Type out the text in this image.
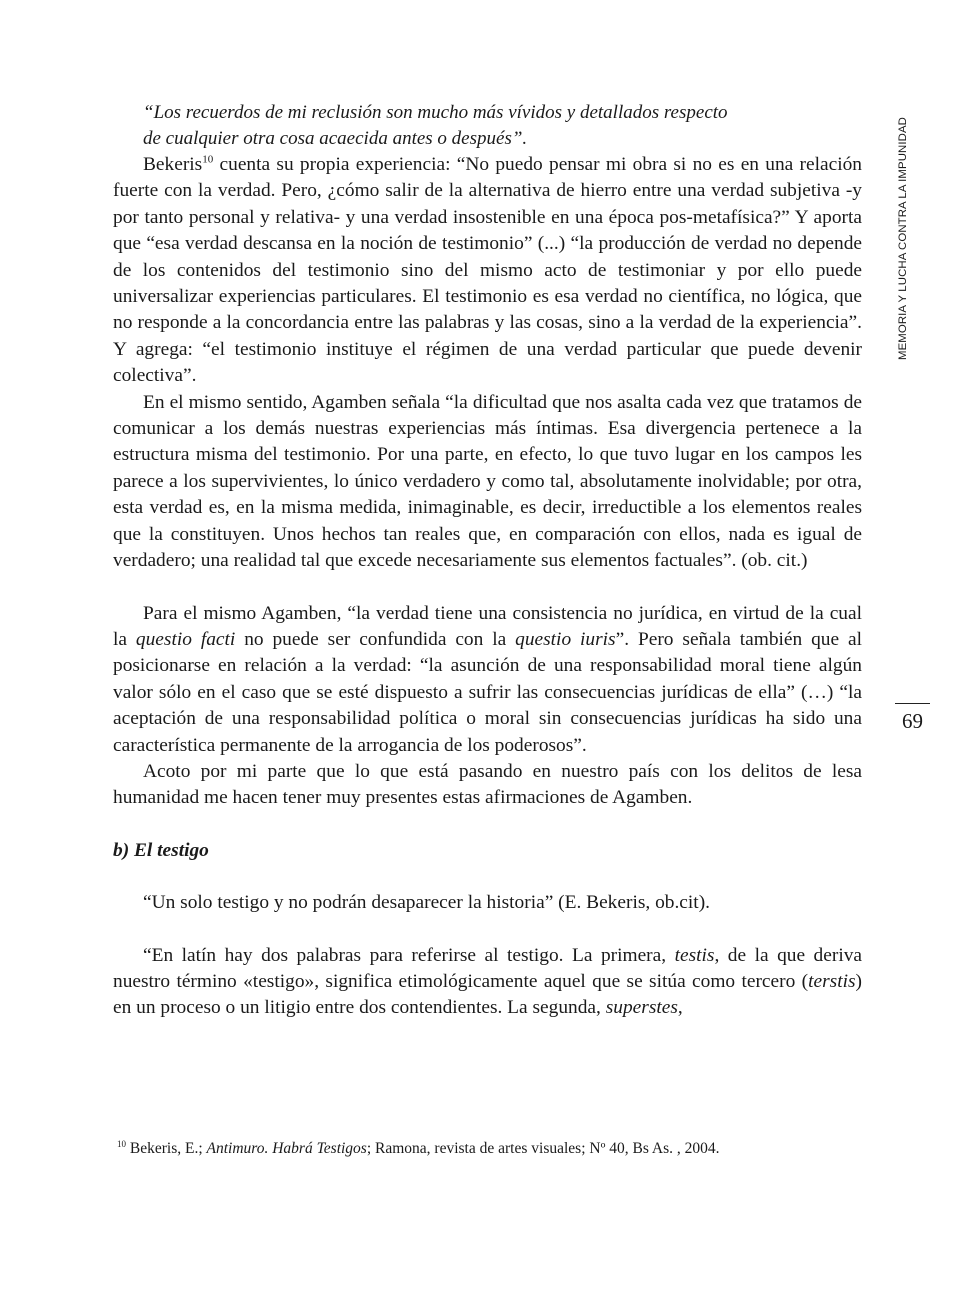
MEMORIA Y LUCHA CONTRA LA IMPUNIDAD
69
“Los recuerdos de mi reclusión son mucho más vívidos y detallados respecto
de cualquier otra cosa acaecida antes o después”.

Bekeris$^{10}$ cuenta su propia experiencia: “No puedo pensar mi obra si no es en una relación fuerte con la verdad. Pero, ¿cómo salir de la alternativa de hierro entre una verdad subjetiva -y por tanto personal y relativa- y una verdad insostenible en una época pos-metafísica?” Y aporta que “esa verdad descansa en la noción de testimonio” (...) “la producción de verdad no depende de los contenidos del testimonio sino del mismo acto de testimoniar y por ello puede universalizar experiencias particulares. El testimonio es esa verdad no científica, no lógica, que no responde a la concordancia entre las palabras y las cosas, sino a la verdad de la experiencia”. Y agrega: “el testimonio instituye el régimen de una verdad particular que puede devenir colectiva”.

En el mismo sentido, Agamben señala “la dificultad que nos asalta cada vez que tratamos de comunicar a los demás nuestras experiencias más íntimas. Esa divergencia pertenece a la estructura misma del testimonio. Por una parte, en efecto, lo que tuvo lugar en los campos les parece a los supervivientes, lo único verdadero y como tal, absolutamente inolvidable; por otra, esta verdad es, en la misma medida, inimaginable, es decir, irreductible a los elementos reales que la constituyen. Unos hechos tan reales que, en comparación con ellos, nada es igual de verdadero; una realidad tal que excede necesariamente sus elementos factuales”. (ob. cit.)

Para el mismo Agamben, “la verdad tiene una consistencia no jurídica, en virtud de la cual la questio facti no puede ser confundida con la questio iuris”. Pero señala también que al posicionarse en relación a la verdad: “la asunción de una responsabilidad moral tiene algún valor sólo en el caso que se esté dispuesto a sufrir las consecuencias jurídicas de ella” (…) “la aceptación de una responsabilidad política o moral sin consecuencias jurídicas ha sido una característica permanente de la arrogancia de los poderosos”.

Acoto por mi parte que lo que está pasando en nuestro país con los delitos de lesa humanidad me hacen tener muy presentes estas afirmaciones de Agamben.

b) El testigo

“Un solo testigo y no podrán desaparecer la historia” (E. Bekeris, ob.cit).

“En latín hay dos palabras para referirse al testigo. La primera, testis, de la que deriva nuestro término «testigo», significa etimológicamente aquel que se sitúa como tercero (terstis) en un proceso o un litigio entre dos contendientes. La segunda, superstes,

$^{10}$ Bekeris, E.; Antimuro. Habrá Testigos; Ramona, revista de artes visuales; Nº 40, Bs As. , 2004.
